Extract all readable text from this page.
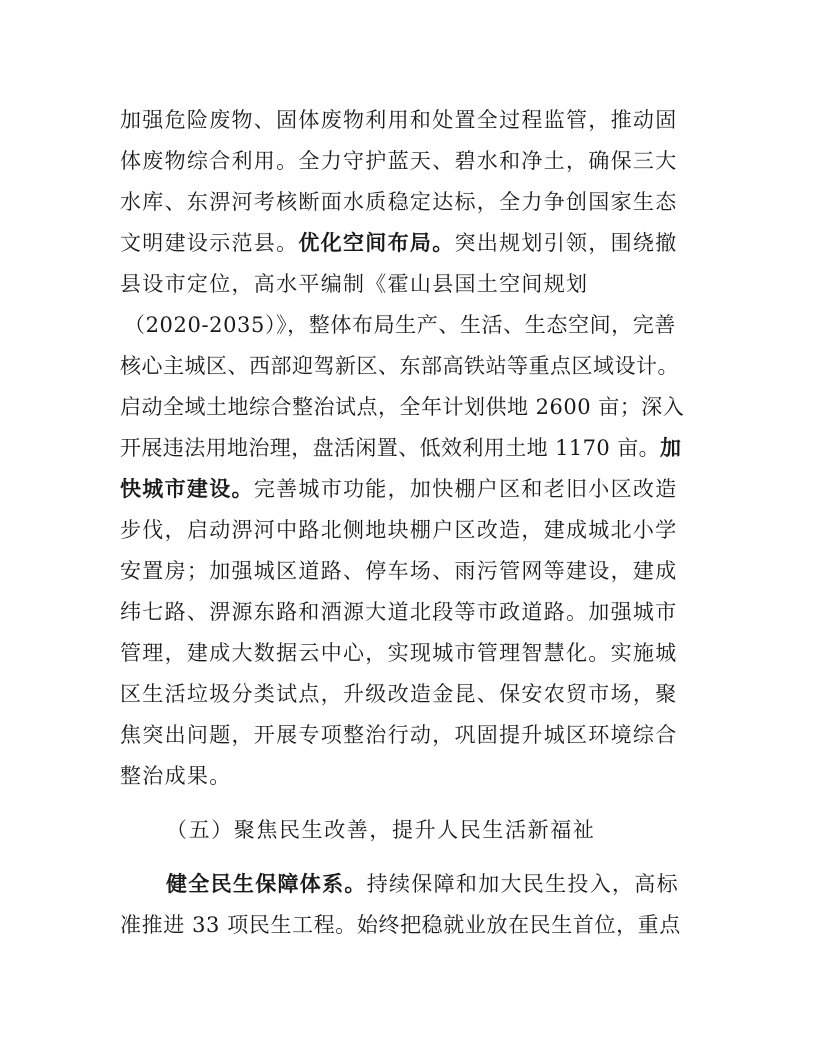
加强危险废物、固体废物利用和处置全过程监管，推动固
体废物综合利用。全力守护蓝天、碧水和净土，确保三大
水库、东淠河考核断面水质稳定达标，全力争创国家生态
文明建设示范县。优化空间布局。突出规划引领，围绕撤
县设市定位，高水平编制《霍山县国土空间规划
（2020-2035）》，整体布局生产、生活、生态空间，完善
核心主城区、西部迎驾新区、东部高铁站等重点区域设计。
启动全域土地综合整治试点，全年计划供地 2600 亩；深入
开展违法用地治理，盘活闲置、低效利用土地 1170 亩。加
快城市建设。完善城市功能，加快棚户区和老旧小区改造
步伐，启动淠河中路北侧地块棚户区改造，建成城北小学
安置房；加强城区道路、停车场、雨污管网等建设，建成
纬七路、淠源东路和酒源大道北段等市政道路。加强城市
管理，建成大数据云中心，实现城市管理智慧化。实施城
区生活垃圾分类试点，升级改造金昆、保安农贸市场，聚
焦突出问题，开展专项整治行动，巩固提升城区环境综合
整治成果。
（五）聚焦民生改善，提升人民生活新福祉
健全民生保障体系。持续保障和加大民生投入，高标
准推进 33 项民生工程。始终把稳就业放在民生首位，重点
